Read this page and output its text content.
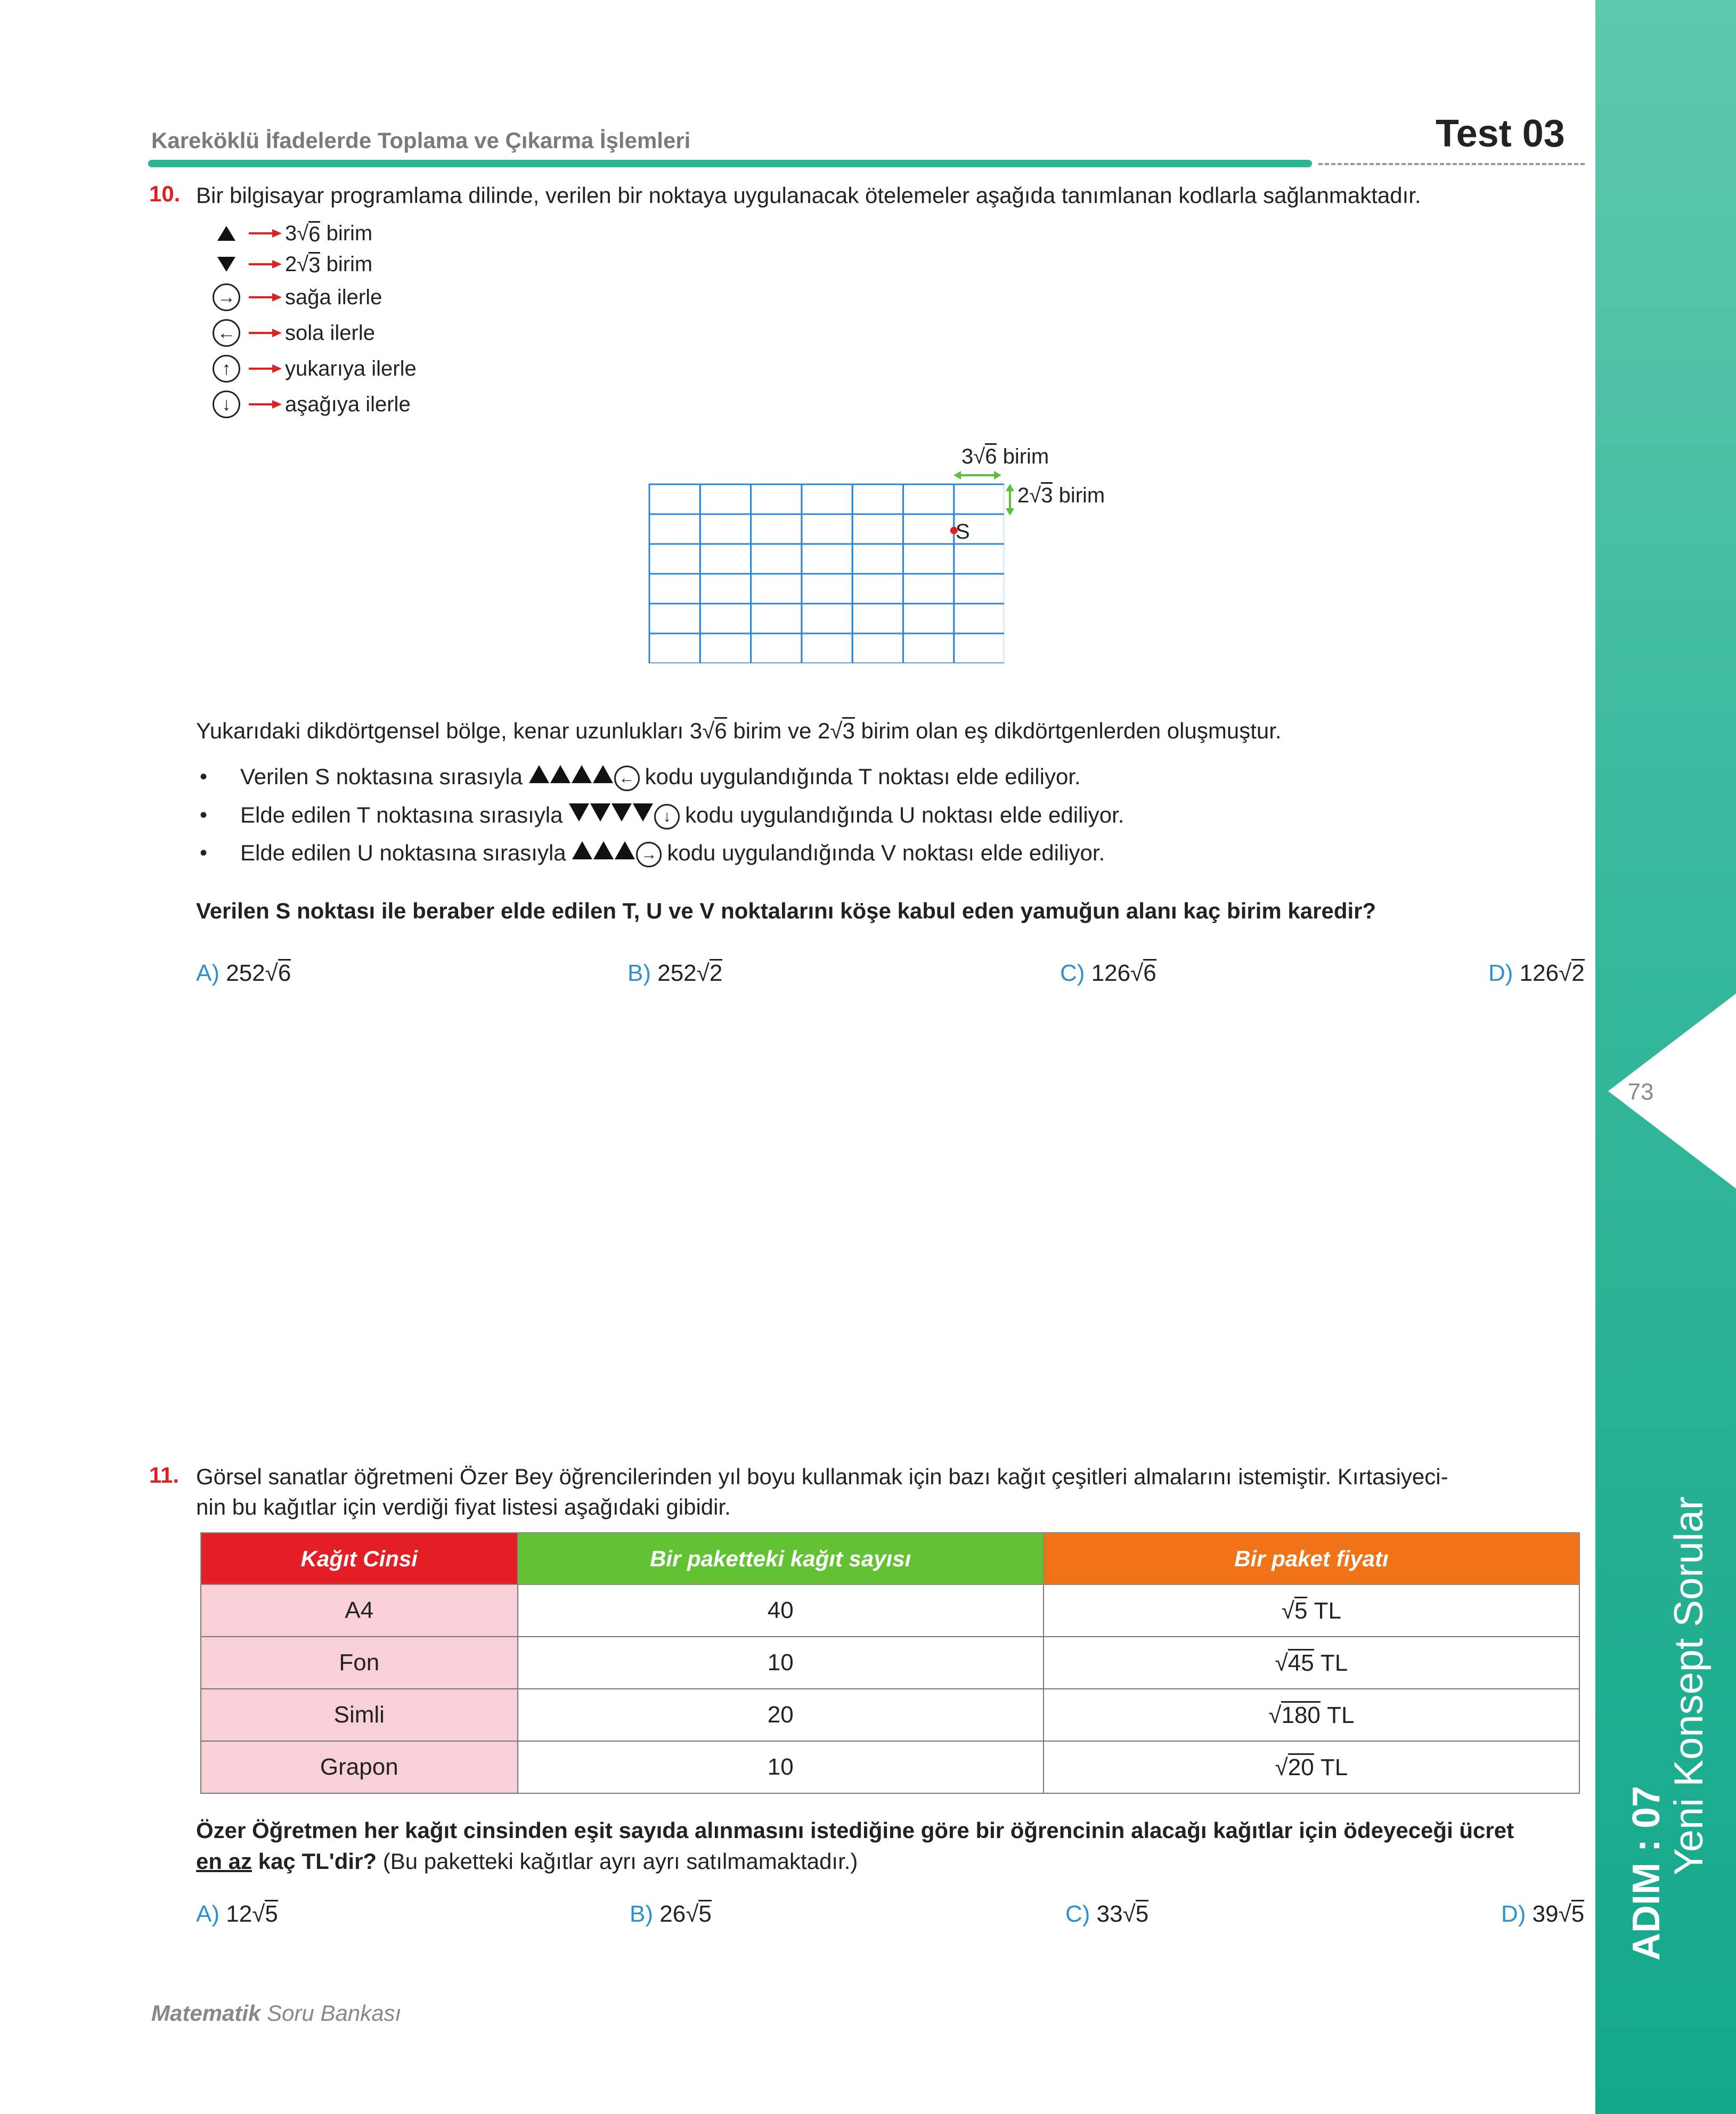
73
Yeni Konsept Sorular
ADIM : 07
Kareköklü İfadelerde Toplama ve Çıkarma İşlemleri	Test 03
10. Bir bilgisayar programlama dilinde, verilen bir noktaya uygulanacak ötelemeler aşağıda tanımlanan kodlarla sağlanmaktadır.
3 √ 6
birim
2 √ 3
birim
→ sağa ilerle
← sola ilerle
↑	yukarıya ilerle
↓	aşağıya ilerle
3√6 birim
2√3 birim
S
Yukarıdaki dikdörtgensel bölge, kenar uzunlukları 3√6 birim ve 2√3 birim olan eş dikdörtgenlerden oluşmuştur.
•	Verilen S noktasına sırasıyla
	← kodu uygulandığında T noktası elde ediliyor.
•	Elde edilen T noktasına sırasıyla
	↓ kodu uygulandığında U noktası elde ediliyor.
•	Elde edilen U noktasına sırasıyla
	→ kodu uygulandığında V noktası elde ediliyor.
Verilen S noktası ile beraber elde edilen T, U ve V noktalarını köşe kabul eden yamuğun alanı kaç birim karedir?
A) 252√6	B) 252√2	C) 126√6	D) 126√2
11. Görsel sanatlar öğretmeni Özer Bey öğrencilerinden yıl boyu kullanmak için bazı kağıt çeşitleri almalarını istemiştir. Kırtasiyeci-
nin bu kağıtlar için verdiği fiyat listesi aşağıdaki gibidir.
Kağıt Cinsi	Bir paketteki kağıt sayısı	Bir paket fiyatı
A4	40	√5 TL
Fon	10	√45 TL
Simli	20	√180 TL
Grapon	10	√20 TL
Özer Öğretmen her kağıt cinsinden eşit sayıda alınmasını istediğine göre bir öğrencinin alacağı kağıtlar için ödeyeceği ücret
en az kaç TL'dir? (Bu paketteki kağıtlar ayrı ayrı satılmamaktadır.)
A) 12√5	B) 26√5	C) 33√5	D) 39√5
Matematik Soru Bankası
